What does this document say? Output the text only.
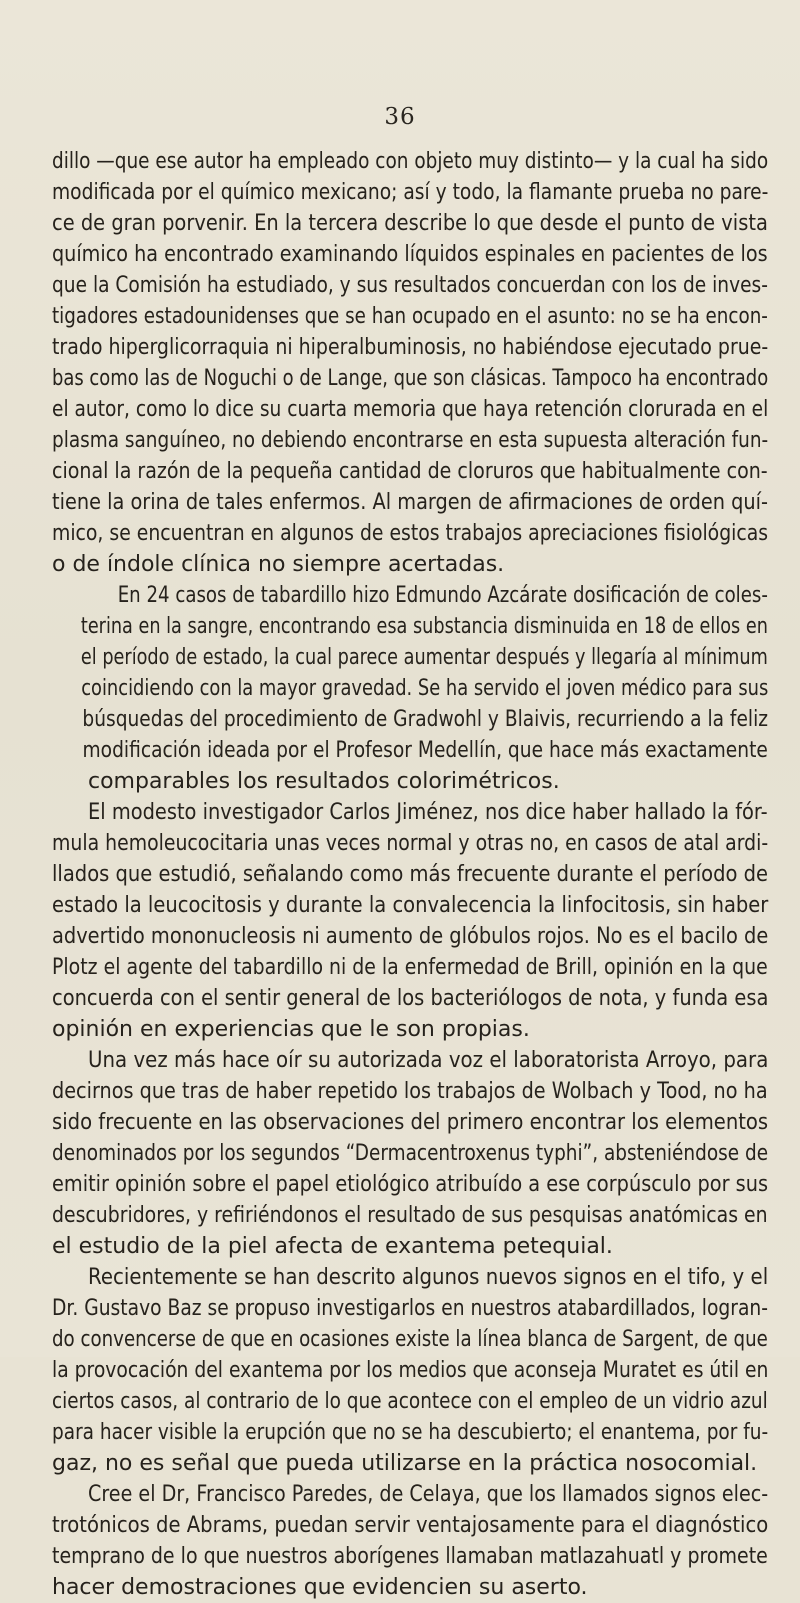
36

dillo —que ese autor ha empleado con objeto muy distinto— y la cual ha sido
modificada por el químico mexicano; así y todo, la flamante prueba no pare-
ce de gran porvenir. En la tercera describe lo que desde el punto de vista
químico ha encontrado examinando líquidos espinales en pacientes de los
que la Comisión ha estudiado, y sus resultados concuerdan con los de inves-
tigadores estadounidenses que se han ocupado en el asunto: no se ha encon-
trado hiperglicorraquia ni hiperalbuminosis, no habiéndose ejecutado prue-
bas como las de Noguchi o de Lange, que son clásicas. Tampoco ha encontrado
el autor, como lo dice su cuarta memoria que haya retención clorurada en el
plasma sanguíneo, no debiendo encontrarse en esta supuesta alteración fun-
cional la razón de la pequeña cantidad de cloruros que habitualmente con-
tiene la orina de tales enfermos. Al margen de afirmaciones de orden quí-
mico, se encuentran en algunos de estos trabajos apreciaciones fisiológicas
o de índole clínica no siempre acertadas.

En 24 casos de tabardillo hizo Edmundo Azcárate dosificación de coles-
terina en la sangre, encontrando esa substancia disminuida en 18 de ellos en
el período de estado, la cual parece aumentar después y llegaría al mínimum
coincidiendo con la mayor gravedad. Se ha servido el joven médico para sus
búsquedas del procedimiento de Gradwohl y Blaivis, recurriendo a la feliz
modificación ideada por el Profesor Medellín, que hace más exactamente
comparables los resultados colorimétricos.

El modesto investigador Carlos Jiménez, nos dice haber hallado la fór-
mula hemoleucocitaria unas veces normal y otras no, en casos de atal ardi-
llados que estudió, señalando como más frecuente durante el período de
estado la leucocitosis y durante la convalecencia la linfocitosis, sin haber
advertido mononucleosis ni aumento de glóbulos rojos. No es el bacilo de
Plotz el agente del tabardillo ni de la enfermedad de Brill, opinión en la que
concuerda con el sentir general de los bacteriólogos de nota, y funda esa
opinión en experiencias que le son propias.

Una vez más hace oír su autorizada voz el laboratorista Arroyo, para
decirnos que tras de haber repetido los trabajos de Wolbach y Tood, no ha
sido frecuente en las observaciones del primero encontrar los elementos
denominados por los segundos “Dermacentroxenus typhi”, absteniéndose de
emitir opinión sobre el papel etiológico atribuído a ese corpúsculo por sus
descubridores, y refiriéndonos el resultado de sus pesquisas anatómicas en
el estudio de la piel afecta de exantema petequial.

Recientemente se han descrito algunos nuevos signos en el tifo, y el
Dr. Gustavo Baz se propuso investigarlos en nuestros atabardillados, logran-
do convencerse de que en ocasiones existe la línea blanca de Sargent, de que
la provocación del exantema por los medios que aconseja Muratet es útil en
ciertos casos, al contrario de lo que acontece con el empleo de un vidrio azul
para hacer visible la erupción que no se ha descubierto; el enantema, por fu-
gaz, no es señal que pueda utilizarse en la práctica nosocomial.

Cree el Dr, Francisco Paredes, de Celaya, que los llamados signos elec-
trotónicos de Abrams, puedan servir ventajosamente para el diagnóstico
temprano de lo que nuestros aborígenes llamaban matlazahuatl y promete
hacer demostraciones que evidencien su aserto.
